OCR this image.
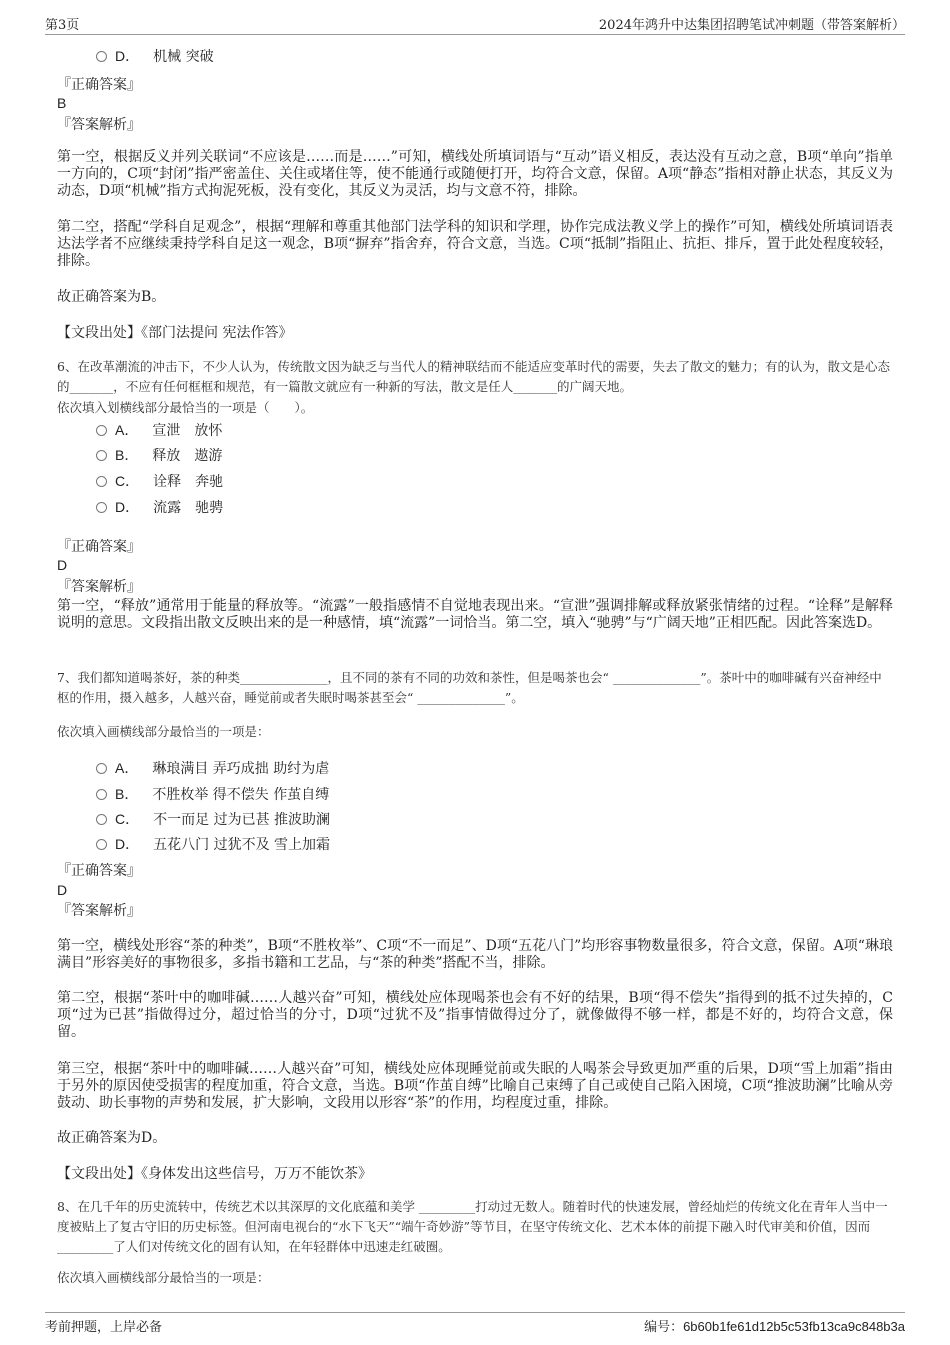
第3页	2024年鸿升中达集团招聘笔试冲刺题（带答案解析）
D． 机械 突破
『正确答案』
B
『答案解析』
第一空，根据反义并列关联词“不应该是……而是……”可知，横线处所填词语与“互动”语义相反，表达没有互动之意，B项“单向”指单一方向的，C项“封闭”指严密盖住、关住或堵住等，使不能通行或随便打开，均符合文意，保留。A项“静态”指相对静止状态，其反义为动态，D项“机械”指方式拘泥死板，没有变化，其反义为灵活，均与文意不符，排除。
第二空，搭配“学科自足观念”，根据“理解和尊重其他部门法学科的知识和学理，协作完成法教义学上的操作”可知，横线处所填词语表达法学者不应继续秉持学科自足这一观念，B项“摒弃”指舍弃，符合文意，当选。C项“抵制”指阻止、抗拒、排斥，置于此处程度较轻，排除。
故正确答案为B。
【文段出处】《部门法提问 宪法作答》
6、在改革潮流的冲击下，不少人认为，传统散文因为缺乏与当代人的精神联结而不能适应变革时代的需要，失去了散文的魅力；有的认为，散文是心态的_______，不应有任何框框和规范，有一篇散文就应有一种新的写法，散文是任人_______的广阔天地。
依次填入划横线部分最恰当的一项是（　　）。
A． 宣泄　放怀
B． 释放　遨游
C． 诠释　奔驰
D． 流露　驰骋
『正确答案』
D
『答案解析』
第一空，“释放”通常用于能量的释放等。“流露”一般指感情不自觉地表现出来。“宣泄”强调排解或释放紧张情绪的过程。“诠释”是解释说明的意思。文段指出散文反映出来的是一种感情，填“流露”一词恰当。第二空，填入“驰骋”与“广阔天地”正相匹配。因此答案选D。
7、我们都知道喝茶好，茶的种类______________，且不同的茶有不同的功效和茶性，但是喝茶也会“ ______________”。茶叶中的咖啡碱有兴奋神经中枢的作用，摄入越多，人越兴奋，睡觉前或者失眠时喝茶甚至会“ ______________”。
依次填入画横线部分最恰当的一项是：
A． 琳琅满目 弄巧成拙 助纣为虐
B． 不胜枚举 得不偿失 作茧自缚
C． 不一而足 过为已甚 推波助澜
D． 五花八门 过犹不及 雪上加霜
『正确答案』
D
『答案解析』
第一空，横线处形容“茶的种类”，B项“不胜枚举”、C项“不一而足”、D项“五花八门”均形容事物数量很多，符合文意，保留。A项“琳琅满目”形容美好的事物很多，多指书籍和工艺品，与“茶的种类”搭配不当，排除。
第二空，根据“茶叶中的咖啡碱……人越兴奋”可知，横线处应体现喝茶也会有不好的结果，B项“得不偿失”指得到的抵不过失掉的，C项“过为已甚”指做得过分，超过恰当的分寸，D项“过犹不及”指事情做得过分了，就像做得不够一样，都是不好的，均符合文意，保留。
第三空，根据“茶叶中的咖啡碱……人越兴奋”可知，横线处应体现睡觉前或失眠的人喝茶会导致更加严重的后果，D项“雪上加霜”指由于另外的原因使受损害的程度加重，符合文意，当选。B项“作茧自缚”比喻自己束缚了自己或使自己陷入困境，C项“推波助澜”比喻从旁鼓动、助长事物的声势和发展，扩大影响，文段用以形容“茶”的作用，均程度过重，排除。
故正确答案为D。
【文段出处】《身体发出这些信号，万万不能饮茶》
8、在几千年的历史流转中，传统艺术以其深厚的文化底蕴和美学 _________打动过无数人。随着时代的快速发展，曾经灿烂的传统文化在青年人当中一度被贴上了复古守旧的历史标签。但河南电视台的“水下飞天”“端午奇妙游”等节目，在坚守传统文化、艺术本体的前提下融入时代审美和价值，因而 _________了人们对传统文化的固有认知，在年轻群体中迅速走红破圈。
依次填入画横线部分最恰当的一项是：
考前押题，上岸必备	编号：6b60b1fe61d12b5c53fb13ca9c848b3a
